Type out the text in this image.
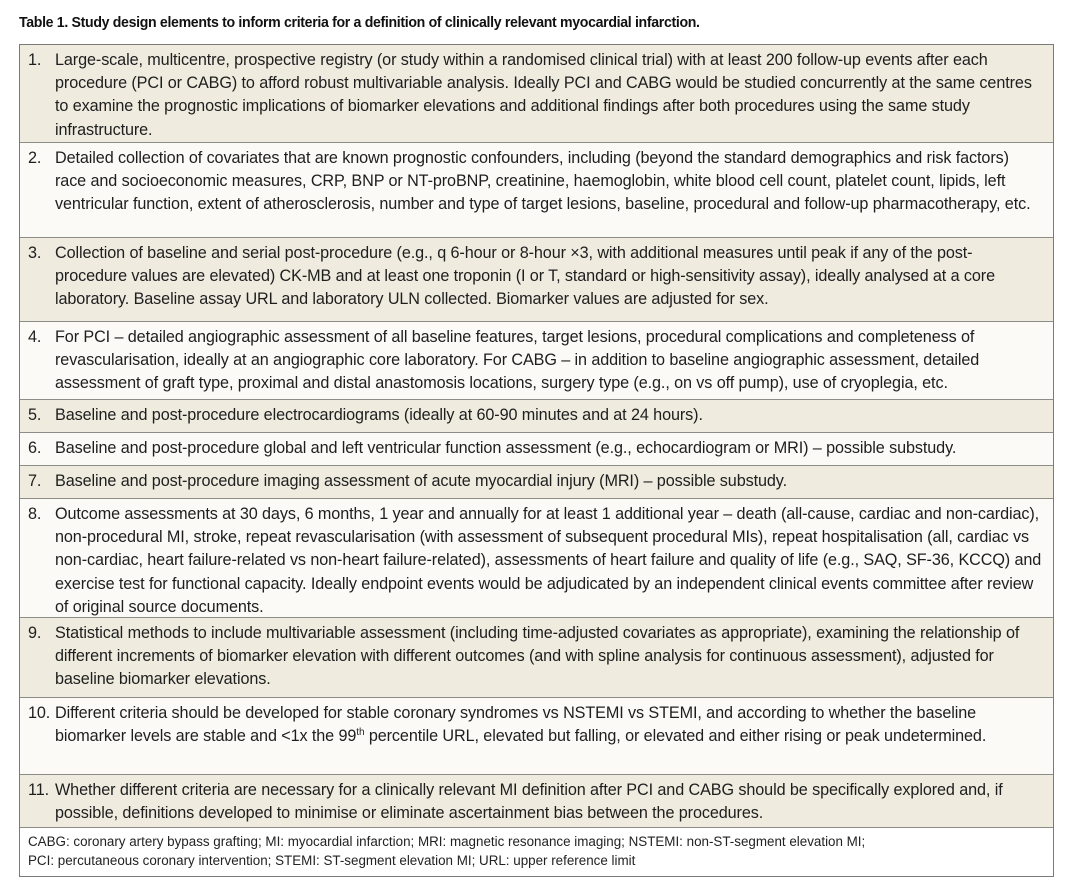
Table 1. Study design elements to inform criteria for a definition of clinically relevant myocardial infarction.
1. Large-scale, multicentre, prospective registry (or study within a randomised clinical trial) with at least 200 follow-up events after each procedure (PCI or CABG) to afford robust multivariable analysis. Ideally PCI and CABG would be studied concurrently at the same centres to examine the prognostic implications of biomarker elevations and additional findings after both procedures using the same study infrastructure.
2. Detailed collection of covariates that are known prognostic confounders, including (beyond the standard demographics and risk factors) race and socioeconomic measures, CRP, BNP or NT-proBNP, creatinine, haemoglobin, white blood cell count, platelet count, lipids, left ventricular function, extent of atherosclerosis, number and type of target lesions, baseline, procedural and follow-up pharmacotherapy, etc.
3. Collection of baseline and serial post-procedure (e.g., q 6-hour or 8-hour ×3, with additional measures until peak if any of the post-procedure values are elevated) CK-MB and at least one troponin (I or T, standard or high-sensitivity assay), ideally analysed at a core laboratory. Baseline assay URL and laboratory ULN collected. Biomarker values are adjusted for sex.
4. For PCI – detailed angiographic assessment of all baseline features, target lesions, procedural complications and completeness of revascularisation, ideally at an angiographic core laboratory. For CABG – in addition to baseline angiographic assessment, detailed assessment of graft type, proximal and distal anastomosis locations, surgery type (e.g., on vs off pump), use of cryoplegia, etc.
5. Baseline and post-procedure electrocardiograms (ideally at 60-90 minutes and at 24 hours).
6. Baseline and post-procedure global and left ventricular function assessment (e.g., echocardiogram or MRI) – possible substudy.
7. Baseline and post-procedure imaging assessment of acute myocardial injury (MRI) – possible substudy.
8. Outcome assessments at 30 days, 6 months, 1 year and annually for at least 1 additional year – death (all-cause, cardiac and non-cardiac), non-procedural MI, stroke, repeat revascularisation (with assessment of subsequent procedural MIs), repeat hospitalisation (all, cardiac vs non-cardiac, heart failure-related vs non-heart failure-related), assessments of heart failure and quality of life (e.g., SAQ, SF-36, KCCQ) and exercise test for functional capacity. Ideally endpoint events would be adjudicated by an independent clinical events committee after review of original source documents.
9. Statistical methods to include multivariable assessment (including time-adjusted covariates as appropriate), examining the relationship of different increments of biomarker elevation with different outcomes (and with spline analysis for continuous assessment), adjusted for baseline biomarker elevations.
10. Different criteria should be developed for stable coronary syndromes vs NSTEMI vs STEMI, and according to whether the baseline biomarker levels are stable and <1x the 99th percentile URL, elevated but falling, or elevated and either rising or peak undetermined.
11. Whether different criteria are necessary for a clinically relevant MI definition after PCI and CABG should be specifically explored and, if possible, definitions developed to minimise or eliminate ascertainment bias between the procedures.
CABG: coronary artery bypass grafting; MI: myocardial infarction; MRI: magnetic resonance imaging; NSTEMI: non-ST-segment elevation MI;
PCI: percutaneous coronary intervention; STEMI: ST-segment elevation MI; URL: upper reference limit
